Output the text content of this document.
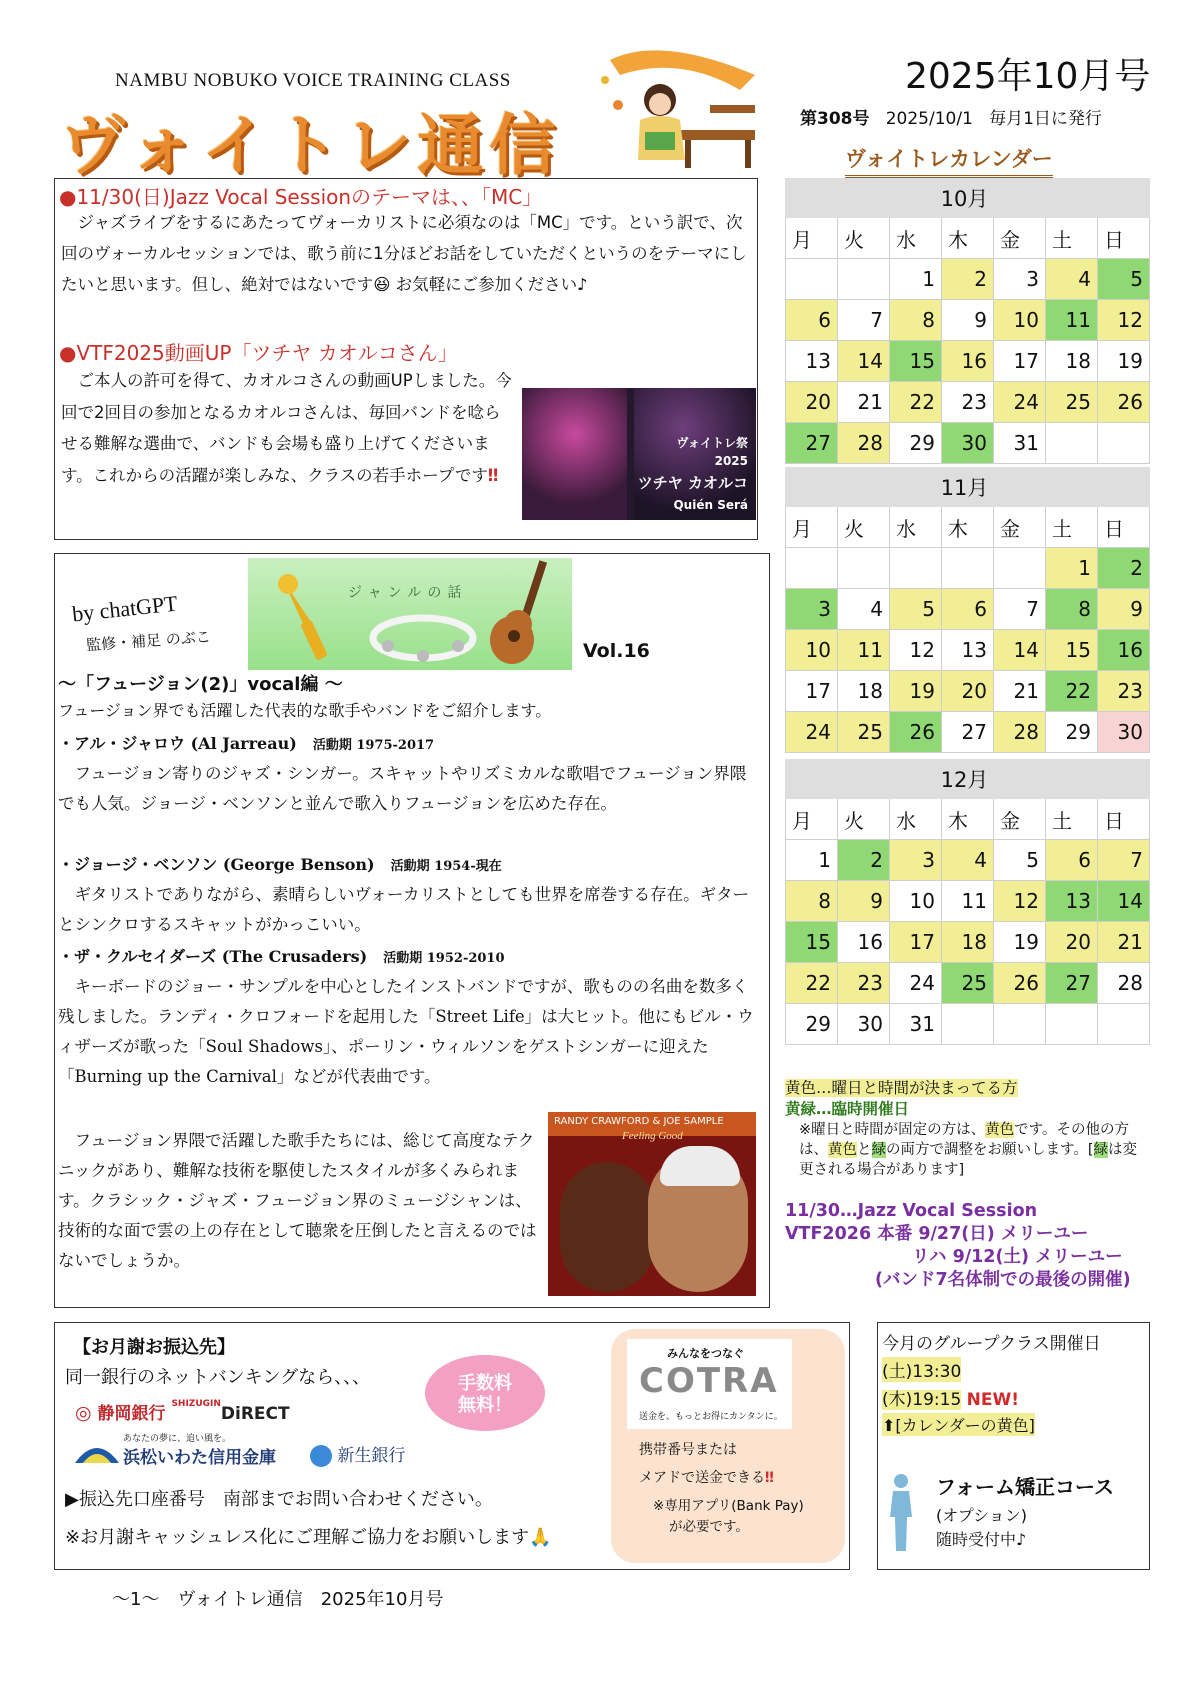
NAMBU NOBUKO VOICE TRAINING CLASS
ヴォイトレ通信
2025年10月号
第308号 2025/10/1 毎月1日に発行
●11/30(日)Jazz Vocal Sessionのテーマは、、「MC」
ジャズライブをするにあたってヴォーカリストに必須なのは「MC」です。という訳で、次回のヴォーカルセッションでは、歌う前に1分ほどお話をしていただくというのをテーマにしたいと思います。但し、絶対ではないです😆 お気軽にご参加ください♪
●VTF2025動画UP「ツチヤ カオルコさん」
ご本人の許可を得て、カオルコさんの動画UPしました。今回で2回目の参加となるカオルコさんは、毎回バンドを唸らせる難解な選曲で、バンドも会場も盛り上げてくださいます。これからの活躍が楽しみな、クラスの若手ホープです‼
ヴォイトレ祭
2025
ツチヤ カオルコ
Quién Será
ジャンルの話
by chatGPT
監修・補足 のぶこ	Vol.16
〜「フュージョン(2)」vocal編 〜
フュージョン界でも活躍した代表的な歌手やバンドをご紹介します。
・アル・ジャロウ (Al Jarreau)　 活動期 1975-2017
フュージョン寄りのジャズ・シンガー。スキャットやリズミカルな歌唱でフュージョン界隈でも人気。ジョージ・ベンソンと並んで歌入りフュージョンを広めた存在。
・ジョージ・ベンソン (George Benson)　 活動期 1954-現在
ギタリストでありながら、素晴らしいヴォーカリストとしても世界を席巻する存在。ギターとシンクロするスキャットがかっこいい。
・ザ・クルセイダーズ (The Crusaders)　 活動期 1952-2010
キーボードのジョー・サンプルを中心としたインストバンドですが、歌ものの名曲を数多く残しました。ランディ・クロフォードを起用した「Street Life」は大ヒット。他にもビル・ウィザーズが歌った「Soul Shadows」、ポーリン・ウィルソンをゲストシンガーに迎えた「Burning up the Carnival」などが代表曲です。
フュージョン界隈で活躍した歌手たちには、総じて高度なテクニックがあり、難解な技術を駆使したスタイルが多くみられます。クラシック・ジャズ・フュージョン界のミュージシャンは、技術的な面で雲の上の存在として聴衆を圧倒したと言えるのではないでしょうか。
RANDY CRAWFORD & JOE SAMPLE
Feeling Good
ヴォイトレカレンダー
10月						
月	火	水	木	金	土	日
		1	2	3	4	5
6	7	8	9	10	11	12
13	14	15	16	17	18	19
20	21	22	23	24	25	26
27	28	29	30	31		
11月						
月	火	水	木	金	土	日
					1	2
3	4	5	6	7	8	9
10	11	12	13	14	15	16
17	18	19	20	21	22	23
24	25	26	27	28	29	30
12月						
月	火	水	木	金	土	日
1	2	3	4	5	6	7
8	9	10	11	12	13	14
15	16	17	18	19	20	21
22	23	24	25	26	27	28
29	30	31				
黄色…曜日と時間が決まってる方
黄緑…臨時開催日
※曜日と時間が固定の方は、黄色です。その他の方は、黄色と緑の両方で調整をお願いします。[緑は変更される場合があります]
11/30…Jazz Vocal Session
VTF2026 本番 9/27(日) メリーユー
リハ 9/12(土) メリーユー
(バンド7名体制での最後の開催)
【お月謝お振込先】
同一銀行のネットバンキングなら、、、	手数料
無料！
◎ 静岡銀行 $^{SHIZUGIN}$DiRECT
あなたの夢に、追い風を。
浜松いわた信用金庫	新生銀行
▶振込先口座番号　南部までお問い合わせください。
※お月謝キャッシュレス化にご理解ご協力をお願いします🙏
みんなをつなぐ
COTRA
送金を、もっとお得にカンタンに。
携帯番号または
メアドで送金できる‼
※専用アプリ(Bank Pay)
が必要です。
今月のグループクラス開催日
(土)13:30
(木)19:15 NEW!
⬆[カレンダーの黄色]
フォーム矯正コース
(オプション)
随時受付中♪
〜1〜　ヴォイトレ通信　2025年10月号
